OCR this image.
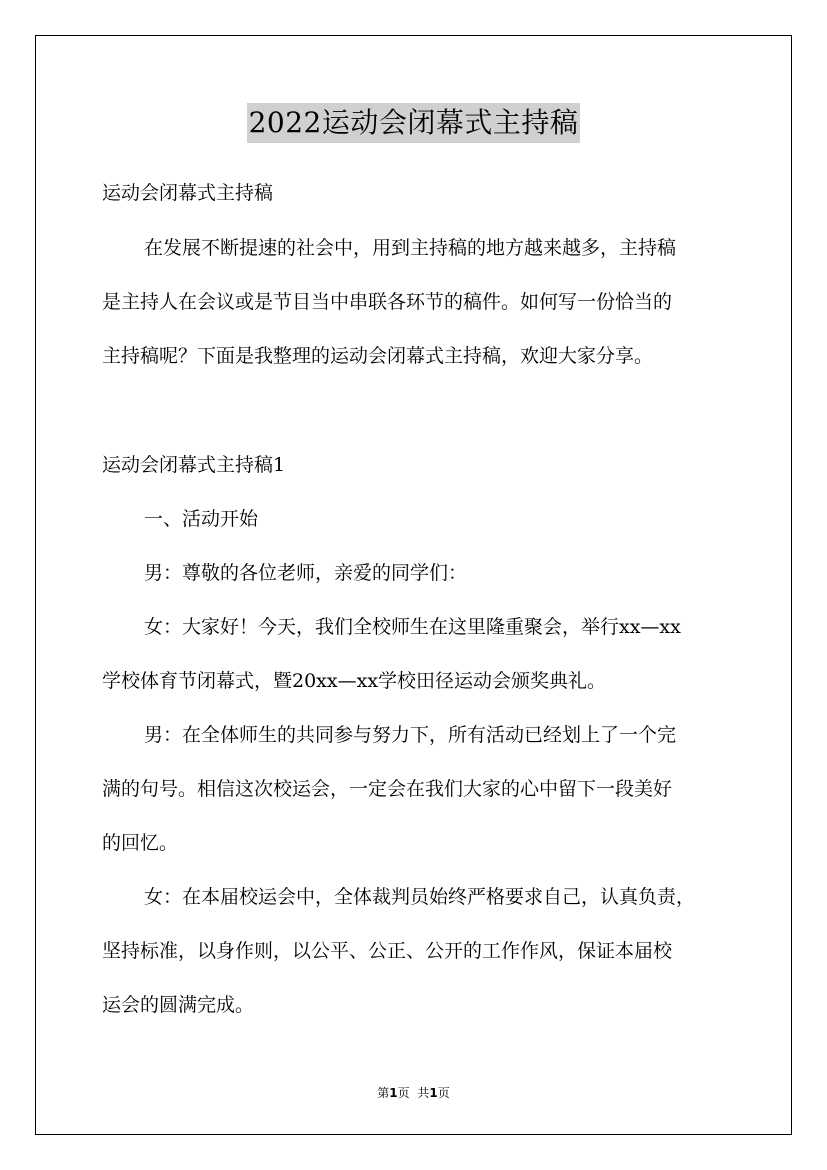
2022运动会闭幕式主持稿
运动会闭幕式主持稿
在发展不断提速的社会中，用到主持稿的地方越来越多，主持稿
是主持人在会议或是节目当中串联各环节的稿件。如何写一份恰当的
主持稿呢？下面是我整理的运动会闭幕式主持稿，欢迎大家分享。
运动会闭幕式主持稿1
一、活动开始
男：尊敬的各位老师，亲爱的同学们：
女：大家好！今天，我们全校师生在这里隆重聚会，举行xx—xx
学校体育节闭幕式，暨20xx—xx学校田径运动会颁奖典礼。
男：在全体师生的共同参与努力下，所有活动已经划上了一个完
满的句号。相信这次校运会，一定会在我们大家的心中留下一段美好
的回忆。
女：在本届校运会中，全体裁判员始终严格要求自己，认真负责，
坚持标准，以身作则，以公平、公正、公开的工作作风，保证本届校
运会的圆满完成。
第1页 共1页
